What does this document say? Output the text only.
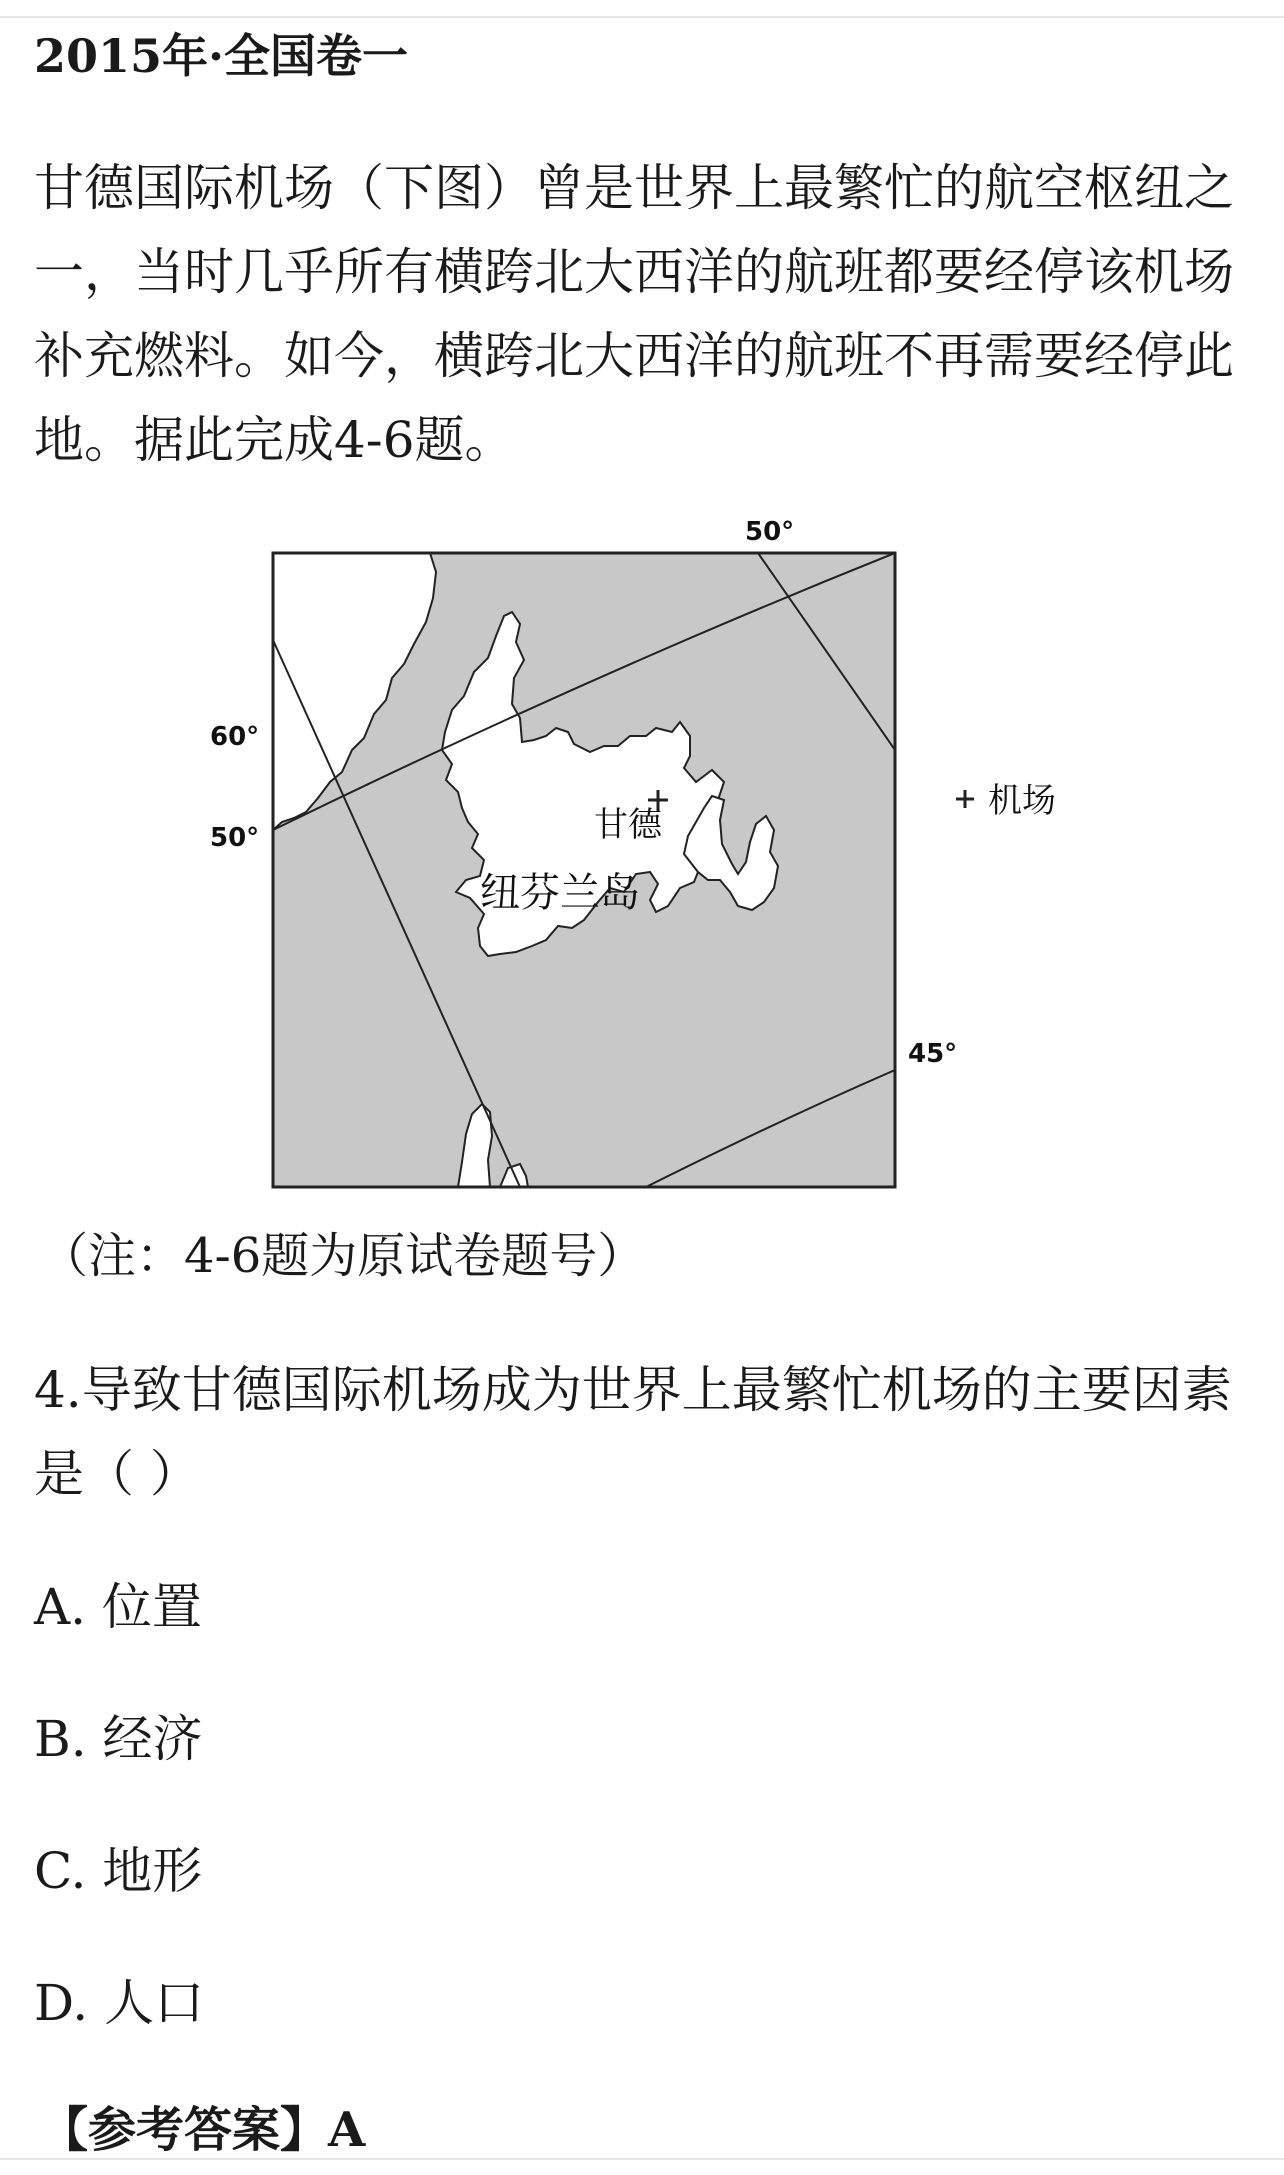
2015年·全国卷一

甘德国际机场（下图）曾是世界上最繁忙的航空枢纽之一，当时几乎所有横跨北大西洋的航班都要经停该机场补充燃料。如今，横跨北大西洋的航班不再需要经停此地。据此完成4-6题。

50°
60°
50°
45°
甘德
纽芬兰岛
机场
（注：4-6题为原试卷题号）

4.导致甘德国际机场成为世界上最繁忙机场的主要因素是（ ）

A. 位置
B. 经济
C. 地形
D. 人口
【参考答案】A
